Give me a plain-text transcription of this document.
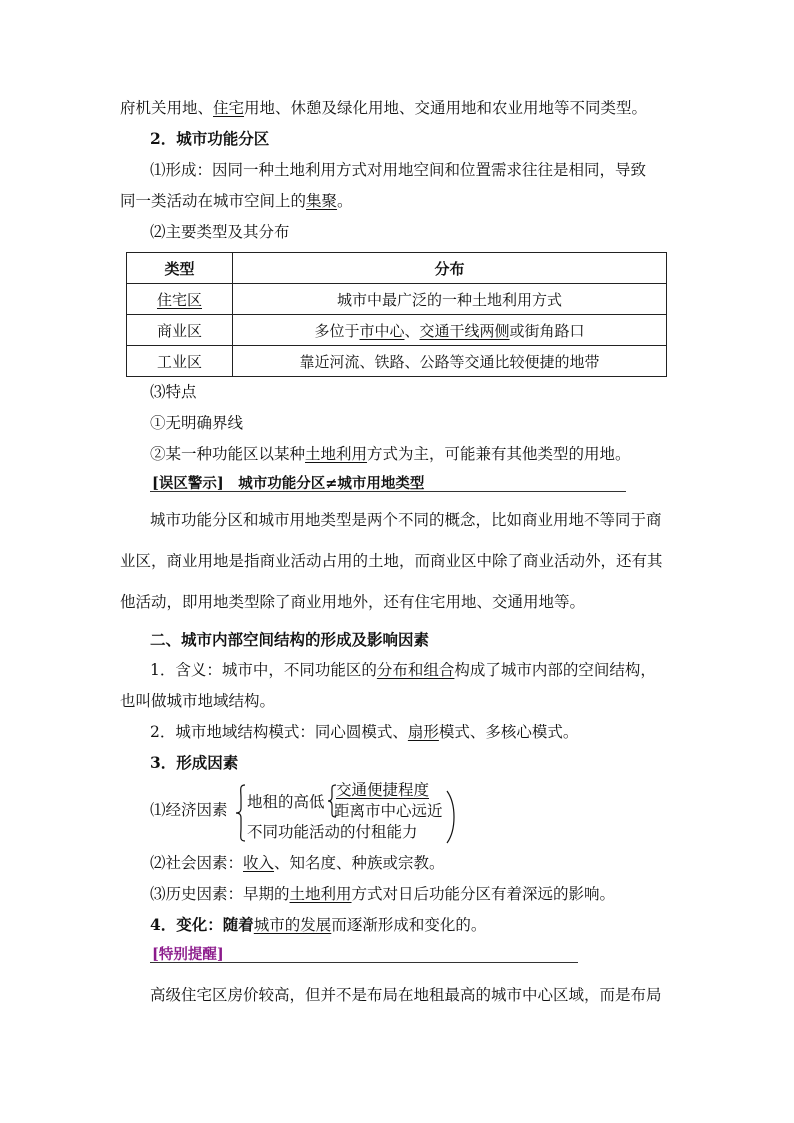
府机关用地、住宅用地、休憩及绿化用地、交通用地和农业用地等不同类型。
2．城市功能分区
⑴形成：因同一种土地利用方式对用地空间和位置需求往往是相同，导致
同一类活动在城市空间上的集聚。
⑵主要类型及其分布
类型	分布
住宅区	城市中最广泛的一种土地利用方式
商业区	多位于市中心、交通干线两侧或街角路口
工业区	靠近河流、铁路、公路等交通比较便捷的地带
⑶特点
①无明确界线
②某一种功能区以某种土地利用方式为主，可能兼有其他类型的用地。
[误区警示]　城市功能分区≠城市用地类型
城市功能分区和城市用地类型是两个不同的概念，比如商业用地不等同于商
业区，商业用地是指商业活动占用的土地，而商业区中除了商业活动外，还有其
他活动，即用地类型除了商业用地外，还有住宅用地、交通用地等。
二、城市内部空间结构的形成及影响因素
1．含义：城市中，不同功能区的分布和组合构成了城市内部的空间结构，
也叫做城市地域结构。
2．城市地域结构模式：同心圆模式、扇形模式、多核心模式。
3．形成因素
⑴经济因素 地租的高低
交通便捷程度
距离市中心远近
不同功能活动的付租能力
⑵社会因素：收入、知名度、种族或宗教。
⑶历史因素：早期的土地利用方式对日后功能分区有着深远的影响。
4．变化：随着城市的发展而逐渐形成和变化的。
[特别提醒]
高级住宅区房价较高，但并不是布局在地租最高的城市中心区域，而是布局
